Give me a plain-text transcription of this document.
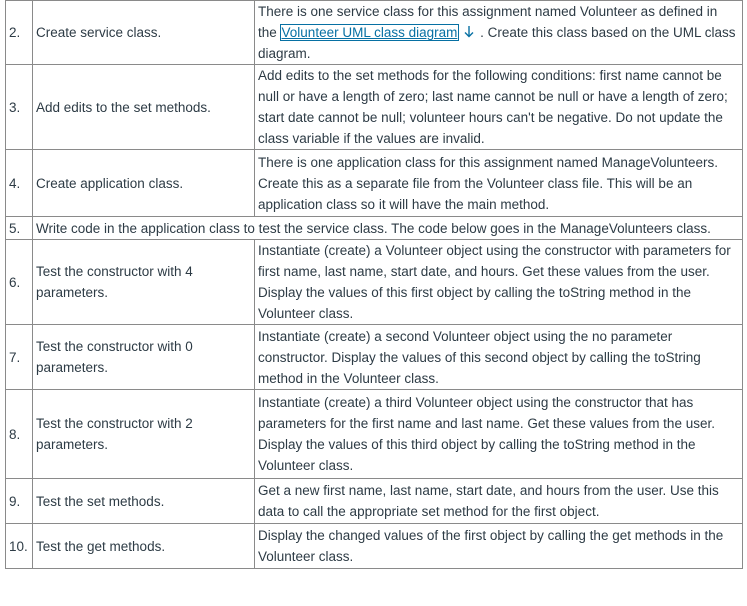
2.	Create service class.	There is one service class for this assignment named Volunteer as defined in the Volunteer UML class diagram . Create this class based on the UML class diagram.
3.	Add edits to the set methods.	Add edits to the set methods for the following conditions: first name cannot be null or have a length of zero; last name cannot be null or have a length of zero; start date cannot be null; volunteer hours can't be negative. Do not update the class variable if the values are invalid.
4.	Create application class.	There is one application class for this assignment named ManageVolunteers. Create this as a separate file from the Volunteer class file. This will be an application class so it will have the main method.
5.	Write code in the application class to test the service class. The code below goes in the ManageVolunteers class.	
6.	Test the constructor with 4 parameters.	Instantiate (create) a Volunteer object using the constructor with parameters for first name, last name, start date, and hours. Get these values from the user. Display the values of this first object by calling the toString method in the Volunteer class.
7.	Test the constructor with 0 parameters.	Instantiate (create) a second Volunteer object using the no parameter constructor. Display the values of this second object by calling the toString method in the Volunteer class.
8.	Test the constructor with 2 parameters.	Instantiate (create) a third Volunteer object using the constructor that has parameters for the first name and last name. Get these values from the user. Display the values of this third object by calling the toString method in the Volunteer class.
9.	Test the set methods.	Get a new first name, last name, start date, and hours from the user. Use this data to call the appropriate set method for the first object.
10.	Test the get methods.	Display the changed values of the first object by calling the get methods in the Volunteer class.
